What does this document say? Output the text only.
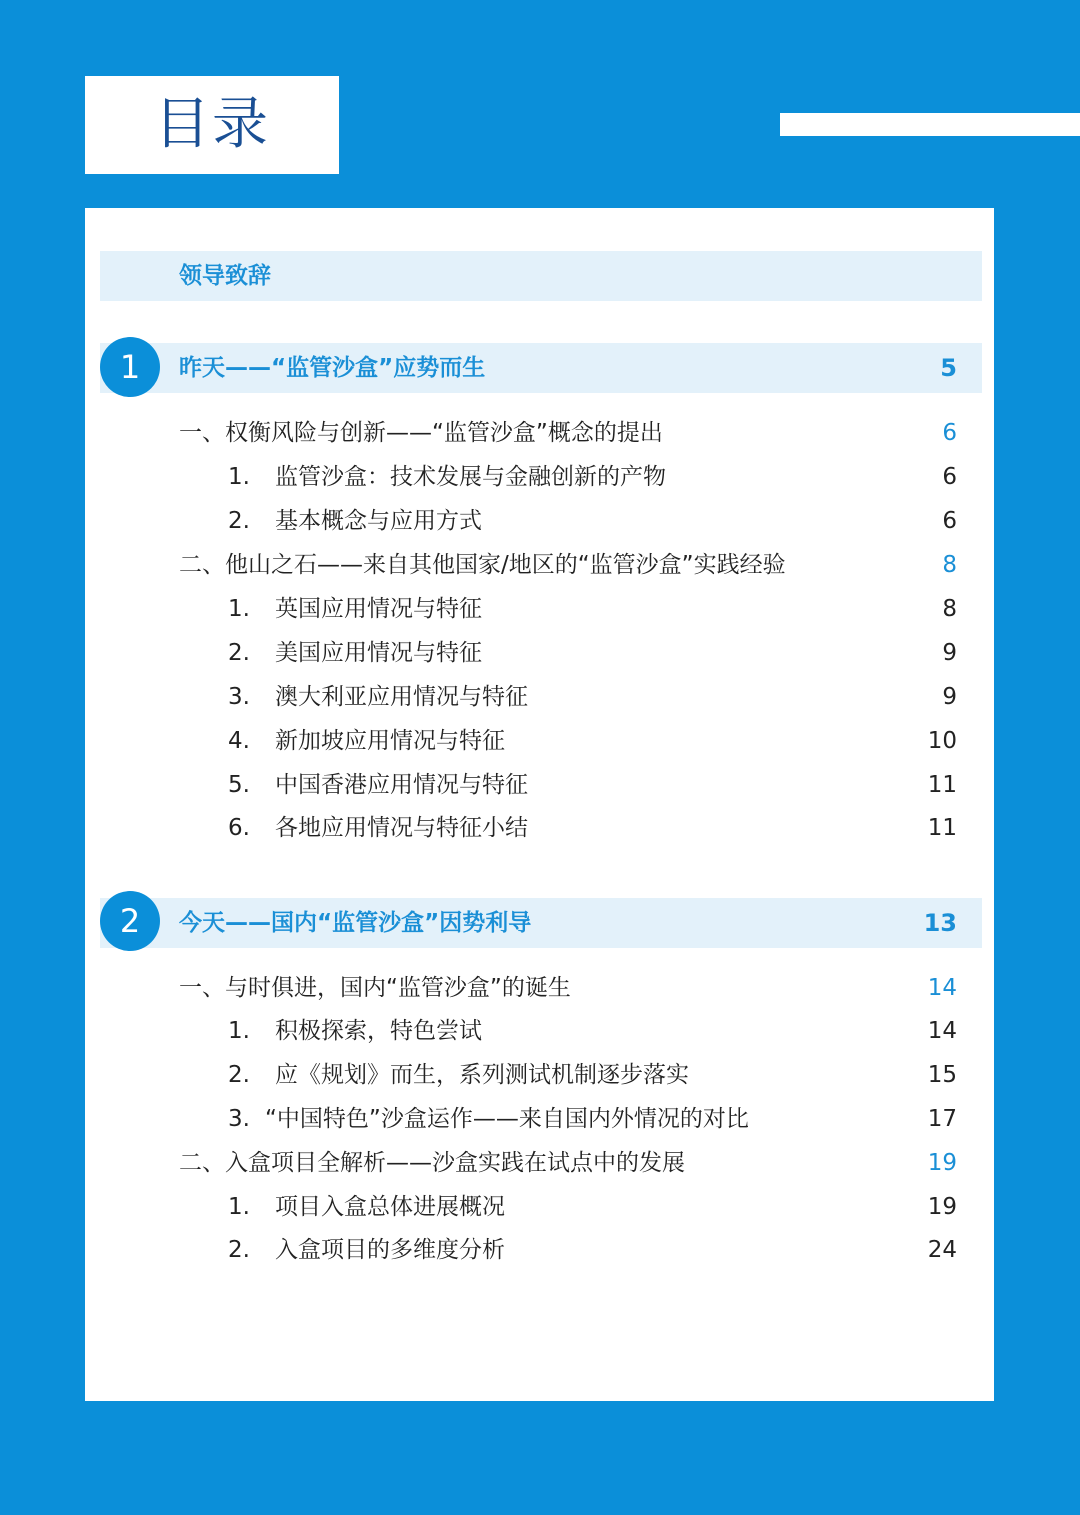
目录
领导致辞
昨天——“监管沙盒”应势而生	5
1
一、权衡风险与创新——“监管沙盒”概念的提出	6
1. 监管沙盒：技术发展与金融创新的产物	6
2. 基本概念与应用方式	6
二、他山之石——来自其他国家/地区的“监管沙盒”实践经验	8
1. 英国应用情况与特征	8
2. 美国应用情况与特征	9
3. 澳大利亚应用情况与特征	9
4. 新加坡应用情况与特征	10
5. 中国香港应用情况与特征	11
6. 各地应用情况与特征小结	11
今天——国内“监管沙盒”因势利导	13
2
一、与时俱进，国内“监管沙盒”的诞生	14
1. 积极探索，特色尝试	14
2. 应《规划》而生，系列测试机制逐步落实	15
3. “中国特色”沙盒运作——来自国内外情况的对比	17
二、入盒项目全解析——沙盒实践在试点中的发展	19
1. 项目入盒总体进展概况	19
2. 入盒项目的多维度分析	24
